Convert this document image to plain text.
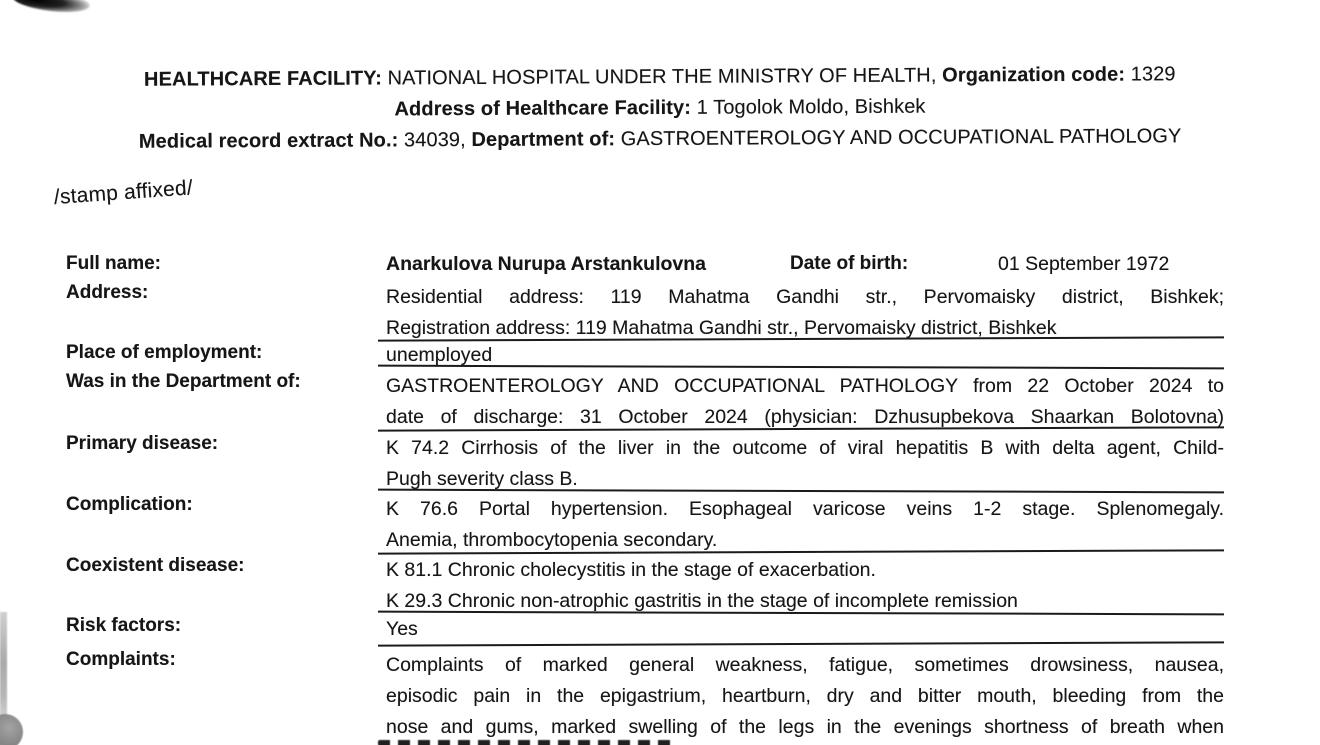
HEALTHCARE FACILITY: NATIONAL HOSPITAL UNDER THE MINISTRY OF HEALTH, Organization code: 1329
Address of Healthcare Facility: 1 Togolok Moldo, Bishkek
Medical record extract No.: 34039, Department of: GASTROENTEROLOGY AND OCCUPATIONAL PATHOLOGY
/stamp affixed/
Full name:	Anarkulova Nurupa Arstankulovna	Date of birth:	01 September 1972
Address:	Residential address: 119 Mahatma Gandhi str., Pervomaisky district, Bishkek;
Registration address: 119 Mahatma Gandhi str., Pervomaisky district, Bishkek
Place of employment:	unemployed
Was in the Department of:	GASTROENTEROLOGY AND OCCUPATIONAL PATHOLOGY from 22 October 2024 to
date of discharge: 31 October 2024 (physician: Dzhusupbekova Shaarkan Bolotovna)
Primary disease:	K 74.2 Cirrhosis of the liver in the outcome of viral hepatitis B with delta agent, Child-
Pugh severity class B.
Complication:	K 76.6 Portal hypertension. Esophageal varicose veins 1-2 stage. Splenomegaly.
Anemia, thrombocytopenia secondary.
Coexistent disease:	K 81.1 Chronic cholecystitis in the stage of exacerbation.
K 29.3 Chronic non-atrophic gastritis in the stage of incomplete remission
Risk factors:	Yes
Complaints:	Complaints of marked general weakness, fatigue, sometimes drowsiness, nausea,
episodic pain in the epigastrium, heartburn, dry and bitter mouth, bleeding from the
nose and gums, marked swelling of the legs in the evenings shortness of breath when
